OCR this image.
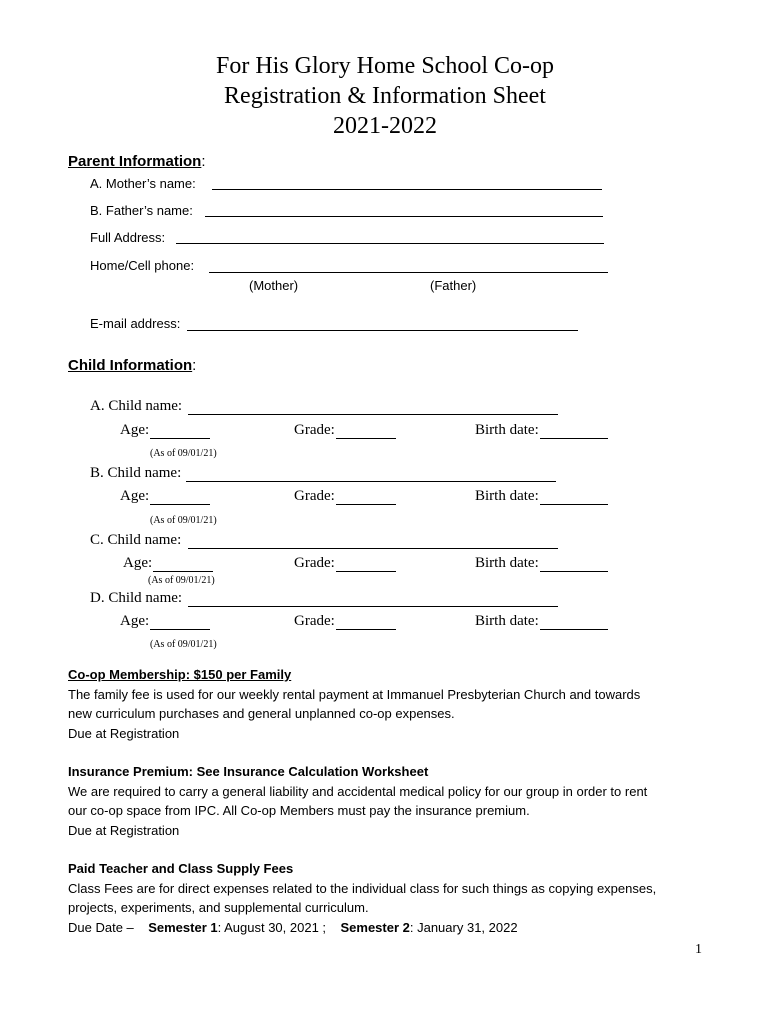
For His Glory Home School Co-op
Registration & Information Sheet
2021-2022
Parent Information:
A. Mother’s name:
B. Father’s name:
Full Address:
Home/Cell phone:
(Mother)	(Father)
E-mail address:
Child Information:
A. Child name:
Age:	Grade:	Birth date:
(As of 09/01/21)
B. Child name:
Age:	Grade:	Birth date:
(As of 09/01/21)
C. Child name:
Age:	Grade:	Birth date:
(As of 09/01/21)
D. Child name:
Age:	Grade:	Birth date:
(As of 09/01/21)
Co-op Membership: $150 per Family
The family fee is used for our weekly rental payment at Immanuel Presbyterian Church and towards
new curriculum purchases and general unplanned co-op expenses.
Due at Registration
Insurance Premium: See Insurance Calculation Worksheet
We are required to carry a general liability and accidental medical policy for our group in order to rent
our co-op space from IPC. All Co-op Members must pay the insurance premium.
Due at Registration
Paid Teacher and Class Supply Fees
Class Fees are for direct expenses related to the individual class for such things as copying expenses,
projects, experiments, and supplemental curriculum.
Due Date – Semester 1: August 30, 2021 ; Semester 2: January 31, 2022
1
